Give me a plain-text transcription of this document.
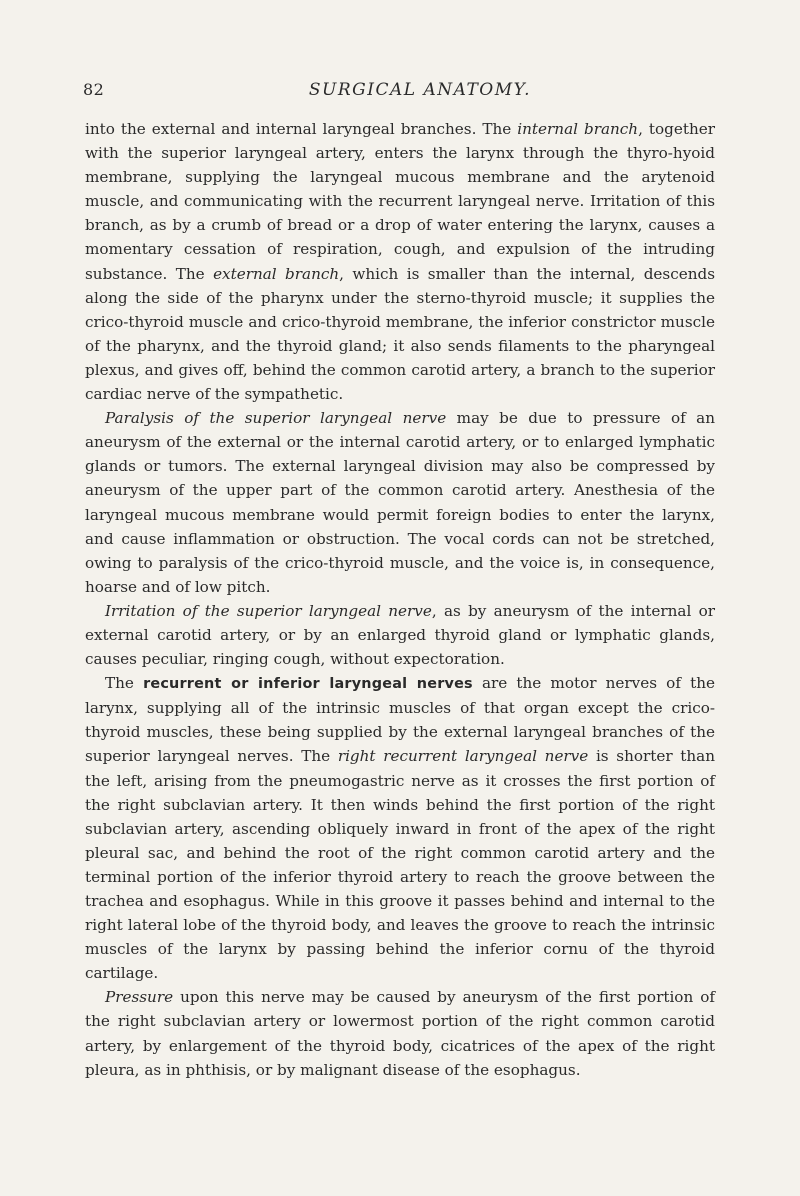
82	SURGICAL ANATOMY.

into the external and internal laryngeal branches. The internal branch, together with the superior laryngeal artery, enters the larynx through the thyro-hyoid membrane, supplying the laryngeal mucous membrane and the arytenoid muscle, and communicating with the recurrent laryngeal nerve. Irritation of this branch, as by a crumb of bread or a drop of water entering the larynx, causes a momentary cessation of respiration, cough, and expulsion of the intruding substance. The external branch, which is smaller than the internal, descends along the side of the pharynx under the sterno-thyroid muscle; it supplies the crico-thyroid muscle and crico-thyroid membrane, the inferior constrictor muscle of the pharynx, and the thyroid gland; it also sends filaments to the pharyngeal plexus, and gives off, behind the common carotid artery, a branch to the superior cardiac nerve of the sympathetic.

Paralysis of the superior laryngeal nerve may be due to pressure of an aneurysm of the external or the internal carotid artery, or to enlarged lymphatic glands or tumors. The external laryngeal division may also be compressed by aneurysm of the upper part of the common carotid artery. Anesthesia of the laryngeal mucous membrane would permit foreign bodies to enter the larynx, and cause inflammation or obstruction. The vocal cords can not be stretched, owing to paralysis of the crico-thyroid muscle, and the voice is, in consequence, hoarse and of low pitch.

Irritation of the superior laryngeal nerve, as by aneurysm of the internal or external carotid artery, or by an enlarged thyroid gland or lymphatic glands, causes peculiar, ringing cough, without expectoration.

The recurrent or inferior laryngeal nerves are the motor nerves of the larynx, supplying all of the intrinsic muscles of that organ except the crico-thyroid muscles, these being supplied by the external laryngeal branches of the superior laryngeal nerves. The right recurrent laryngeal nerve is shorter than the left, arising from the pneumogastric nerve as it crosses the first portion of the right subclavian artery. It then winds behind the first portion of the right subclavian artery, ascending obliquely inward in front of the apex of the right pleural sac, and behind the root of the right common carotid artery and the terminal portion of the inferior thyroid artery to reach the groove between the trachea and esophagus. While in this groove it passes behind and internal to the right lateral lobe of the thyroid body, and leaves the groove to reach the intrinsic muscles of the larynx by passing behind the inferior cornu of the thyroid cartilage.

Pressure upon this nerve may be caused by aneurysm of the first portion of the right subclavian artery or lowermost portion of the right common carotid artery, by enlargement of the thyroid body, cicatrices of the apex of the right pleura, as in phthisis, or by malignant disease of the esophagus.
